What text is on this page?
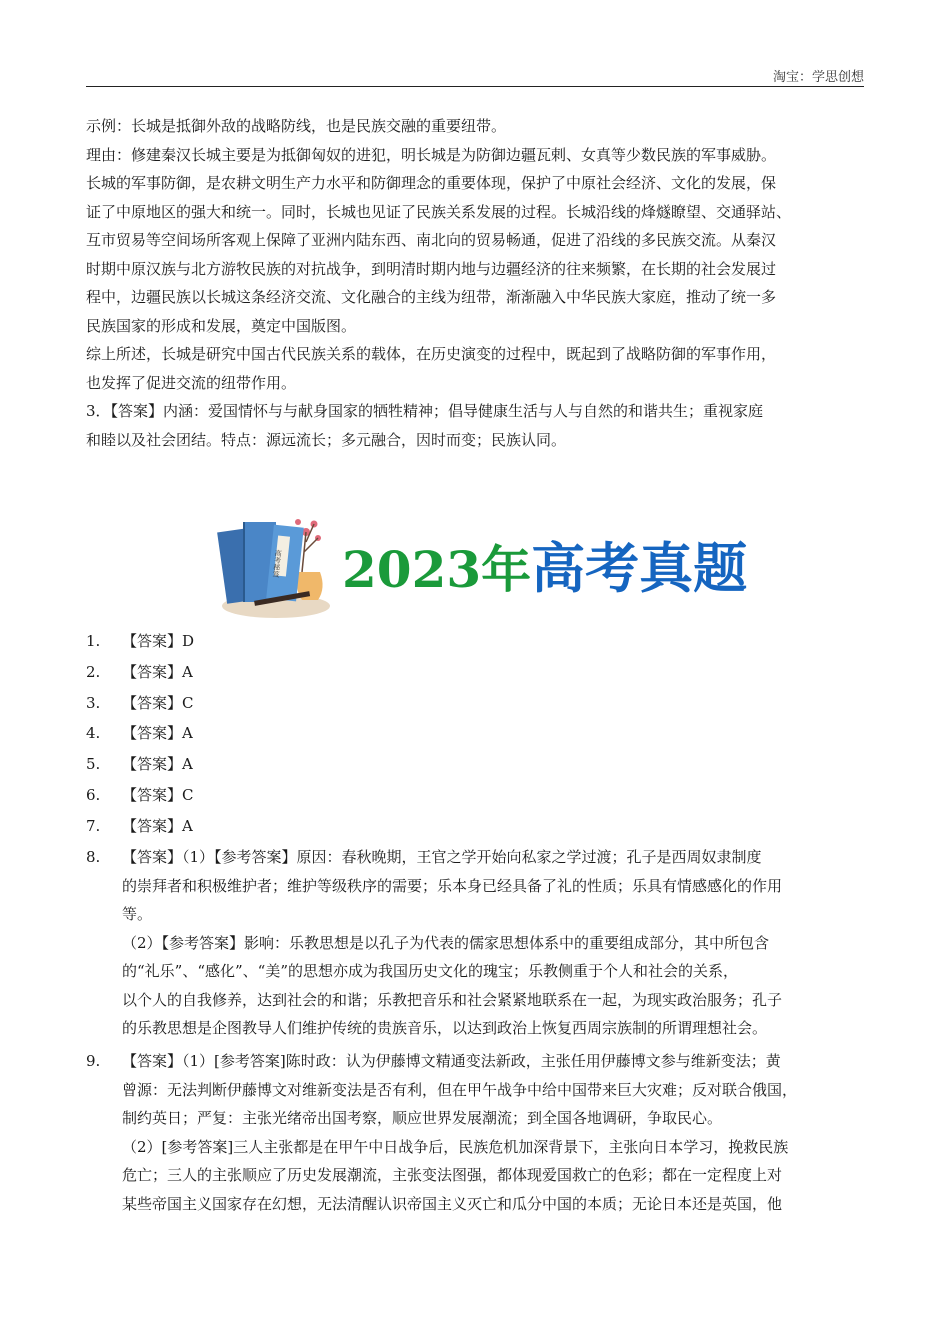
淘宝：学思创想
示例：长城是抵御外敌的战略防线，也是民族交融的重要纽带。
理由：修建秦汉长城主要是为抵御匈奴的进犯，明长城是为防御边疆瓦剌、女真等少数民族的军事威胁。
长城的军事防御，是农耕文明生产力水平和防御理念的重要体现，保护了中原社会经济、文化的发展，保
证了中原地区的强大和统一。同时，长城也见证了民族关系发展的过程。长城沿线的烽燧瞭望、交通驿站、
互市贸易等空间场所客观上保障了亚洲内陆东西、南北向的贸易畅通，促进了沿线的多民族交流。从秦汉
时期中原汉族与北方游牧民族的对抗战争，到明清时期内地与边疆经济的往来频繁，在长期的社会发展过
程中，边疆民族以长城这条经济交流、文化融合的主线为纽带，渐渐融入中华民族大家庭，推动了统一多
民族国家的形成和发展，奠定中国版图。
综上所述，长城是研究中国古代民族关系的载体，在历史演变的过程中，既起到了战略防御的军事作用，
也发挥了促进交流的纽带作用。
3．【答案】内涵：爱国情怀与与献身国家的牺牲精神；倡导健康生活与人与自然的和谐共生；重视家庭
和睦以及社会团结。特点：源远流长；多元融合，因时而变；民族认同。
高考秘笈 2023年高考真题
1.	【答案】D
2.	【答案】A
3.	【答案】C
4.	【答案】A
5.	【答案】A
6.	【答案】C
7.	【答案】A
8.	【答案】（1）【参考答案】原因：春秋晚期，王官之学开始向私家之学过渡；孔子是西周奴隶制度
的崇拜者和积极维护者；维护等级秩序的需要；乐本身已经具备了礼的性质；乐具有情感感化的作用
等。
（2）【参考答案】影响：乐教思想是以孔子为代表的儒家思想体系中的重要组成部分，其中所包含
的“礼乐”、“感化”、“美”的思想亦成为我国历史文化的瑰宝；乐教侧重于个人和社会的关系，
以个人的自我修养，达到社会的和谐；乐教把音乐和社会紧紧地联系在一起，为现实政治服务；孔子
的乐教思想是企图教导人们维护传统的贵族音乐，以达到政治上恢复西周宗族制的所谓理想社会。
9.	【答案】（1）[参考答案]陈时政：认为伊藤博文精通变法新政，主张任用伊藤博文参与维新变法；黄
曾源：无法判断伊藤博文对维新变法是否有利，但在甲午战争中给中国带来巨大灾难；反对联合俄国，
制约英日；严复：主张光绪帝出国考察，顺应世界发展潮流；到全国各地调研，争取民心。
（2）[参考答案]三人主张都是在甲午中日战争后，民族危机加深背景下，主张向日本学习，挽救民族
危亡；三人的主张顺应了历史发展潮流，主张变法图强，都体现爱国救亡的色彩；都在一定程度上对
某些帝国主义国家存在幻想，无法清醒认识帝国主义灭亡和瓜分中国的本质；无论日本还是英国，他
